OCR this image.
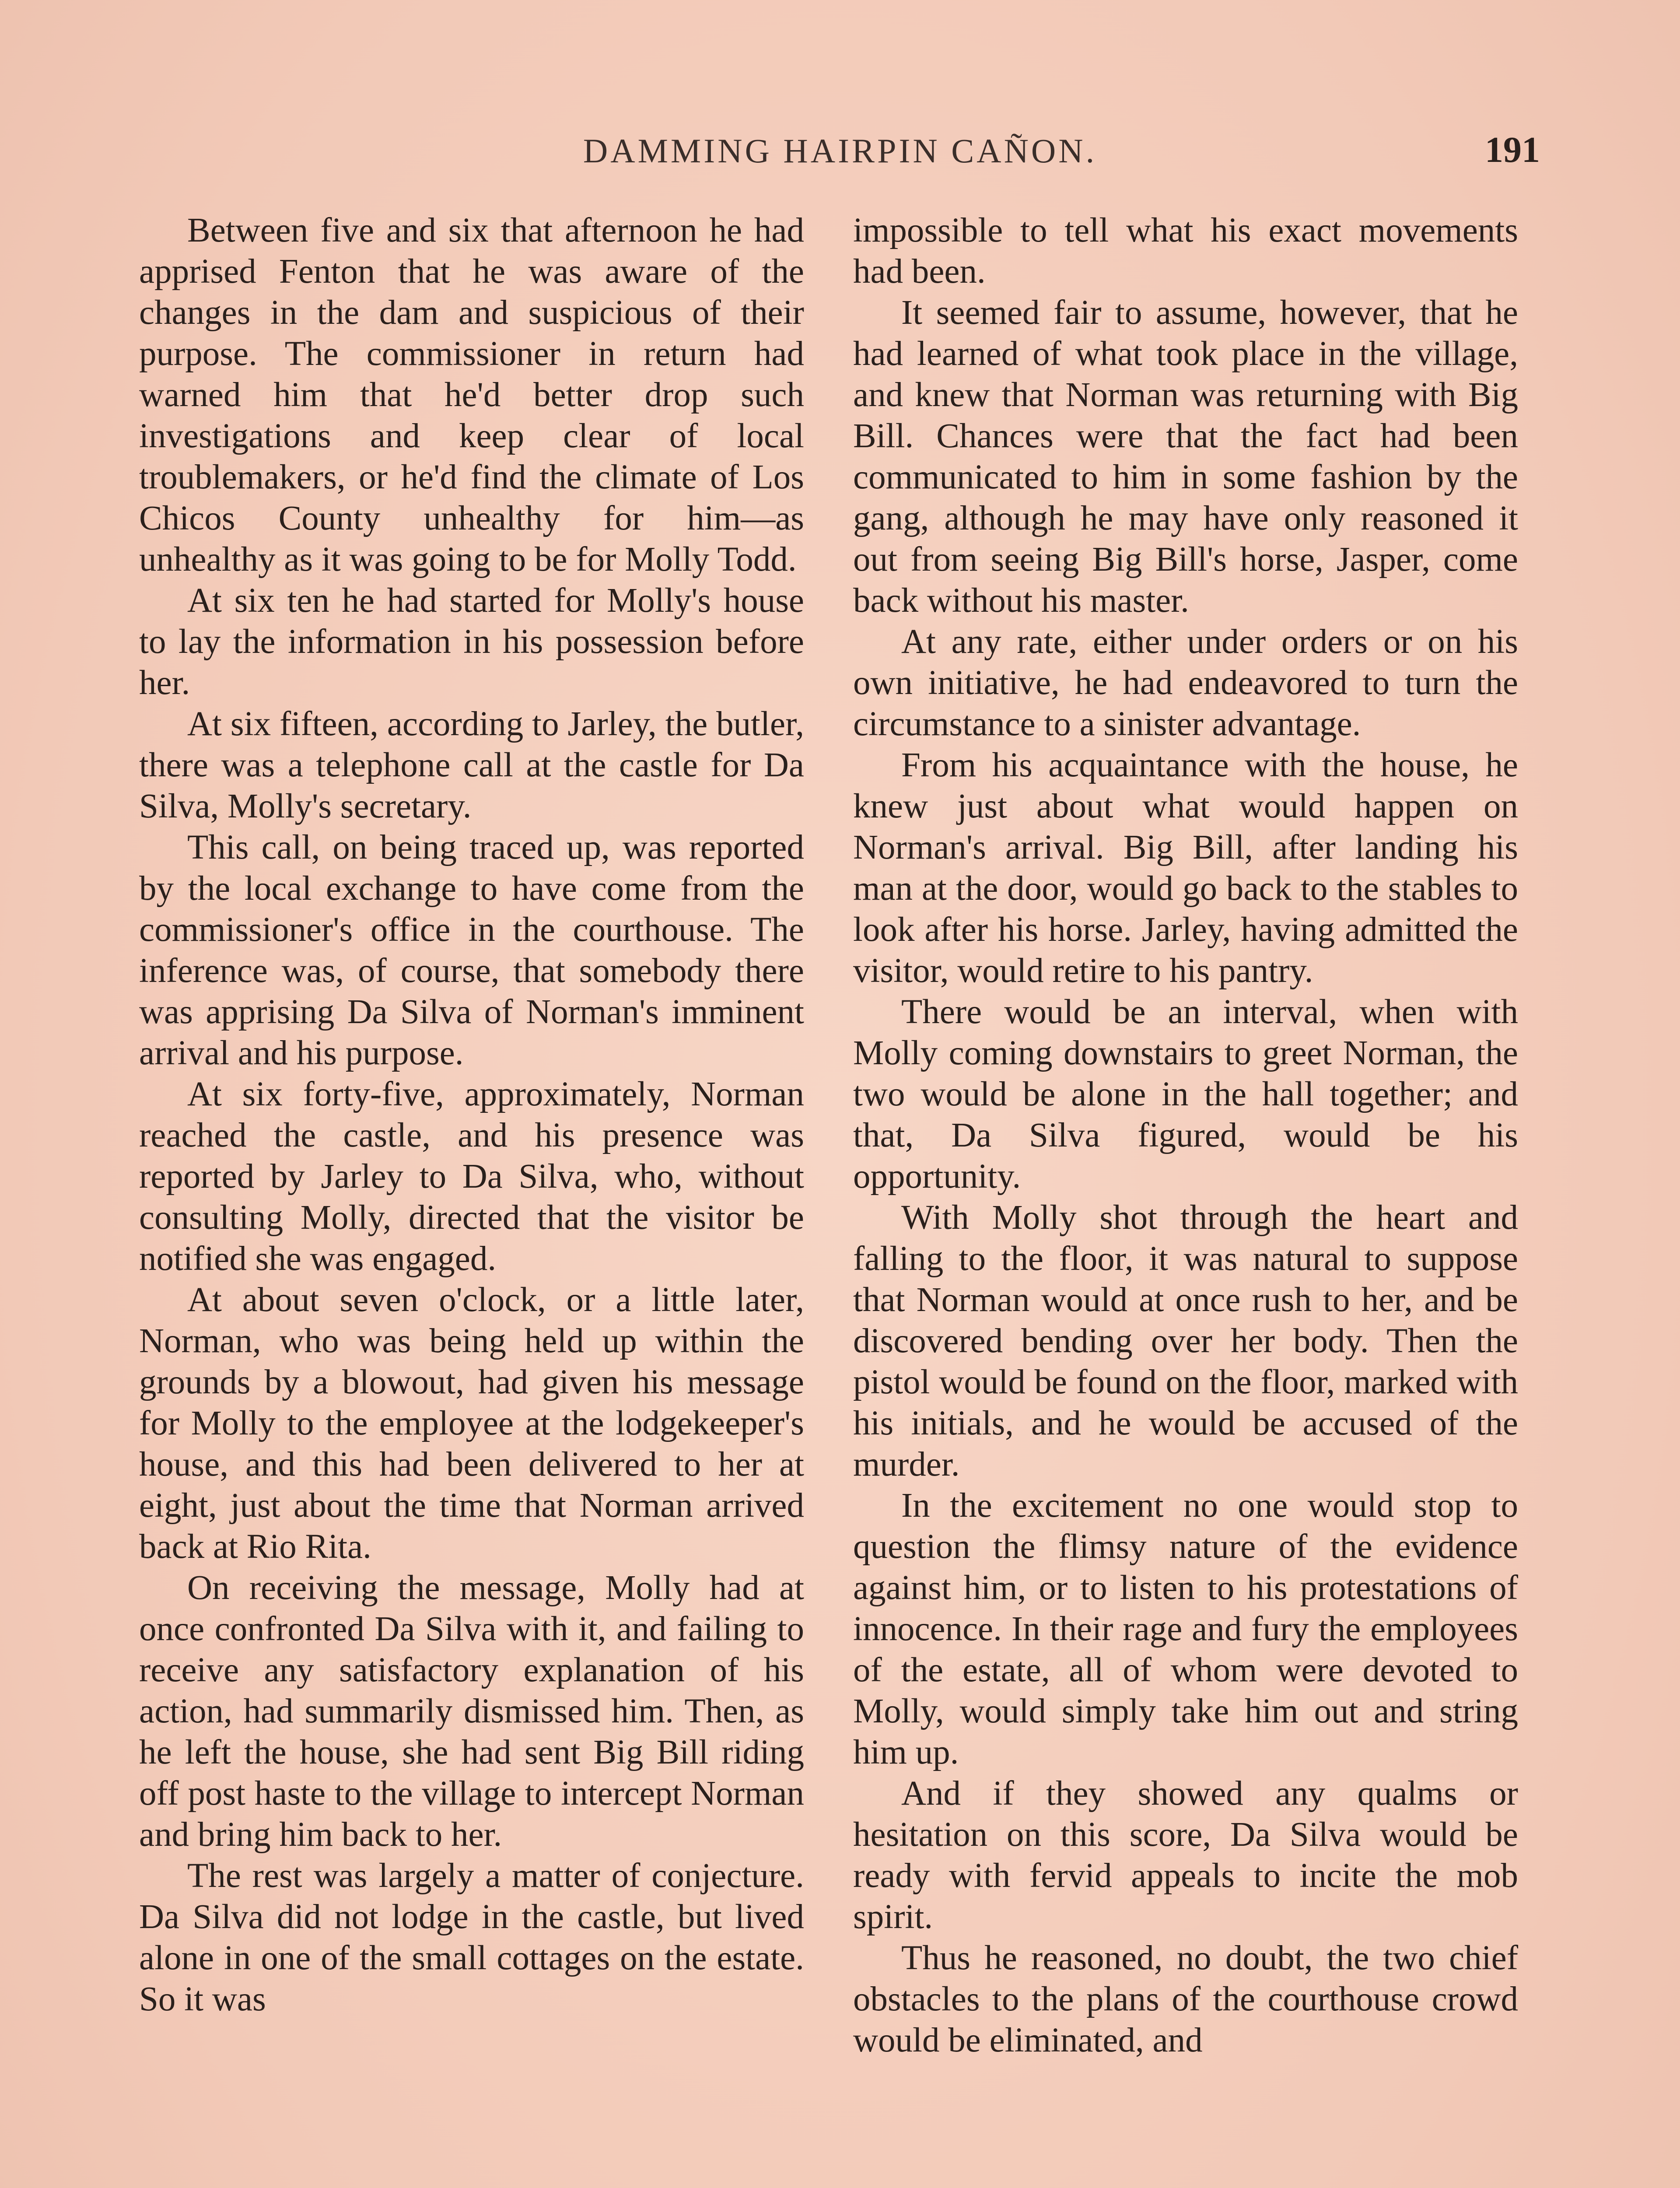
DAMMING HAIRPIN CAÑON.	191

Between five and six that afternoon he had apprised Fenton that he was aware of the changes in the dam and suspicious of their purpose. The commissioner in return had warned him that he'd better drop such investigations and keep clear of local troublemakers, or he'd find the climate of Los Chicos County unhealthy for him—as unhealthy as it was going to be for Molly Todd.

At six ten he had started for Molly's house to lay the information in his possession before her.

At six fifteen, according to Jarley, the butler, there was a telephone call at the castle for Da Silva, Molly's secretary.

This call, on being traced up, was reported by the local exchange to have come from the commissioner's office in the courthouse. The inference was, of course, that somebody there was apprising Da Silva of Norman's imminent arrival and his purpose.

At six forty-five, approximately, Norman reached the castle, and his presence was reported by Jarley to Da Silva, who, without consulting Molly, directed that the visitor be notified she was engaged.

At about seven o'clock, or a little later, Norman, who was being held up within the grounds by a blowout, had given his message for Molly to the employee at the lodgekeeper's house, and this had been delivered to her at eight, just about the time that Norman arrived back at Rio Rita.

On receiving the message, Molly had at once confronted Da Silva with it, and failing to receive any satisfactory explanation of his action, had summarily dismissed him. Then, as he left the house, she had sent Big Bill riding off post haste to the village to intercept Norman and bring him back to her.

The rest was largely a matter of conjecture. Da Silva did not lodge in the castle, but lived alone in one of the small cottages on the estate. So it was

impossible to tell what his exact movements had been.

It seemed fair to assume, however, that he had learned of what took place in the village, and knew that Norman was returning with Big Bill. Chances were that the fact had been communicated to him in some fashion by the gang, although he may have only reasoned it out from seeing Big Bill's horse, Jasper, come back without his master.

At any rate, either under orders or on his own initiative, he had endeavored to turn the circumstance to a sinister advantage.

From his acquaintance with the house, he knew just about what would happen on Norman's arrival. Big Bill, after landing his man at the door, would go back to the stables to look after his horse. Jarley, having admitted the visitor, would retire to his pantry.

There would be an interval, when with Molly coming downstairs to greet Norman, the two would be alone in the hall together; and that, Da Silva figured, would be his opportunity.

With Molly shot through the heart and falling to the floor, it was natural to suppose that Norman would at once rush to her, and be discovered bending over her body. Then the pistol would be found on the floor, marked with his initials, and he would be accused of the murder.

In the excitement no one would stop to question the flimsy nature of the evidence against him, or to listen to his protestations of innocence. In their rage and fury the employees of the estate, all of whom were devoted to Molly, would simply take him out and string him up.

And if they showed any qualms or hesitation on this score, Da Silva would be ready with fervid appeals to incite the mob spirit.

Thus he reasoned, no doubt, the two chief obstacles to the plans of the courthouse crowd would be eliminated, and
